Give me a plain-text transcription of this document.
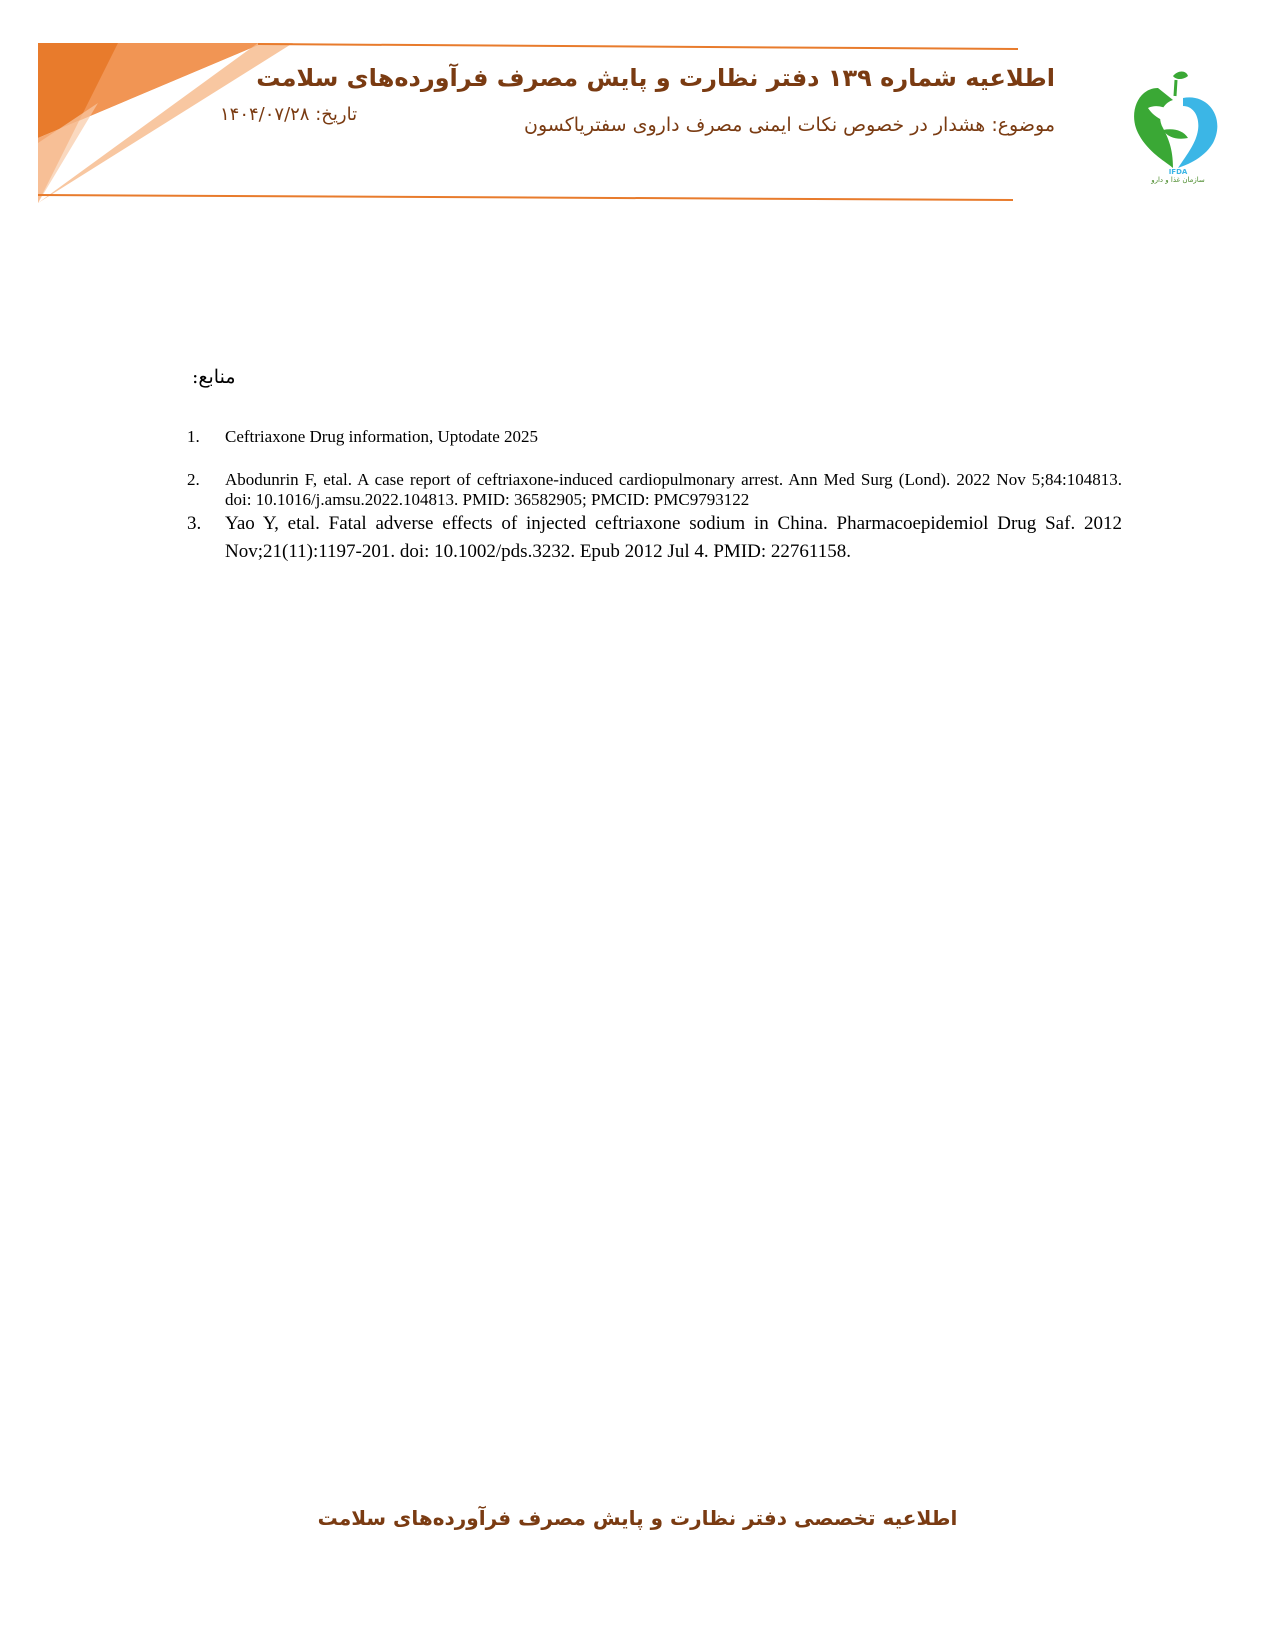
IFDA
سازمان غذا و دارو
اطلاعیه شماره ۱۳۹ دفتر نظارت و پایش مصرف فرآورده‌های سلامت
موضوع: هشدار در خصوص نکات ایمنی مصرف داروی سفتریاکسون
تاریخ: ۱۴۰۴/۰۷/۲۸
منابع:
1.	Ceftriaxone Drug information, Uptodate 2025
2.	Abodunrin F, etal. A case report of ceftriaxone-induced cardiopulmonary arrest. Ann Med Surg (Lond). 2022 Nov 5;84:104813. doi: 10.1016/j.amsu.2022.104813. PMID: 36582905; PMCID: PMC9793122
3.	Yao Y, etal. Fatal adverse effects of injected ceftriaxone sodium in China. Pharmacoepidemiol Drug Saf. 2012 Nov;21(11):1197-201. doi: 10.1002/pds.3232. Epub 2012 Jul 4. PMID: 22761158.
اطلاعیه تخصصی دفتر نظارت و پایش مصرف فرآورده‌های سلامت
